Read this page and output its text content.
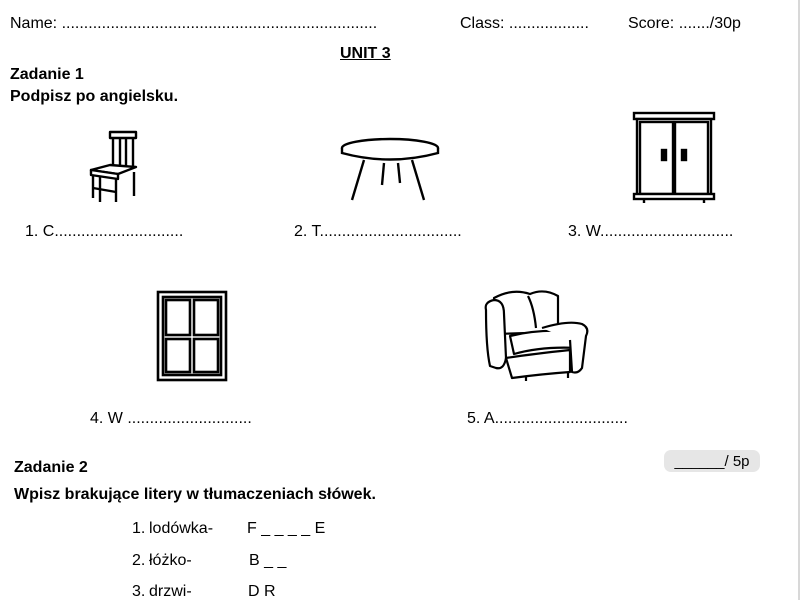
Name: .......................................................................	Class: .................. Score: ......./30p
UNIT 3
Zadanie 1
Podpisz po angielsku.
1. C.............................	2. T................................	3. W..............................
4. W ............................	5. A..............................
Zadanie 2	______/ 5p
Wpisz brakujące litery w tłumaczeniach słówek.
1. lodówka- F _ _ _ _ E
2. łóżko-	B _ _
3. drzwi-	D R
